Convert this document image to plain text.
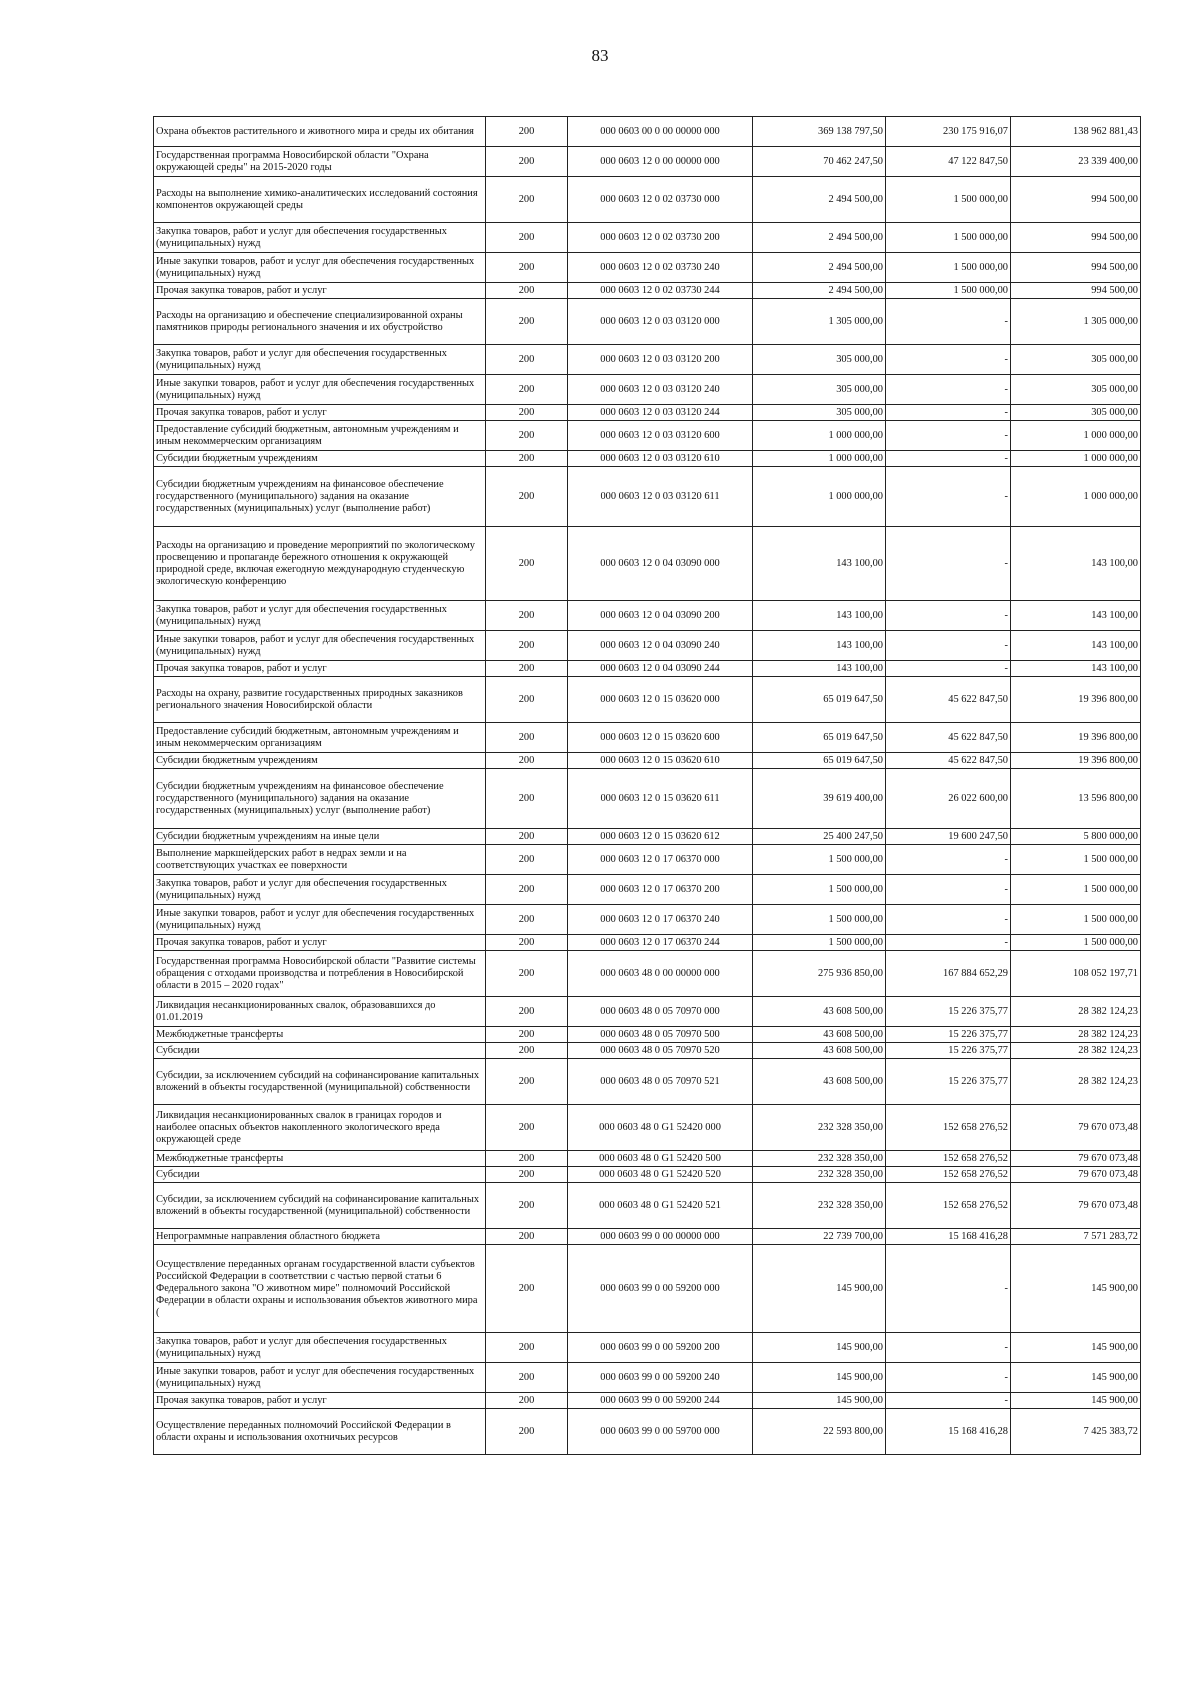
83
Охрана объектов растительного и животного мира и среды их обитания	200	000 0603 00 0 00 00000 000	369 138 797,50	230 175 916,07	138 962 881,43
Государственная программа Новосибирской области "Охрана окружающей среды" на 2015-2020 годы	200	000 0603 12 0 00 00000 000	70 462 247,50	47 122 847,50	23 339 400,00
Расходы на выполнение химико-аналитических исследований состояния компонентов окружающей среды	200	000 0603 12 0 02 03730 000	2 494 500,00	1 500 000,00	994 500,00
Закупка товаров, работ и услуг для обеспечения государственных (муниципальных) нужд	200	000 0603 12 0 02 03730 200	2 494 500,00	1 500 000,00	994 500,00
Иные закупки товаров, работ и услуг для обеспечения государственных (муниципальных) нужд	200	000 0603 12 0 02 03730 240	2 494 500,00	1 500 000,00	994 500,00
Прочая закупка товаров, работ и услуг	200	000 0603 12 0 02 03730 244	2 494 500,00	1 500 000,00	994 500,00
Расходы на организацию и обеспечение специализированной охраны памятников природы регионального значения и их обустройство	200	000 0603 12 0 03 03120 000	1 305 000,00	-	1 305 000,00
Закупка товаров, работ и услуг для обеспечения государственных (муниципальных) нужд	200	000 0603 12 0 03 03120 200	305 000,00	-	305 000,00
Иные закупки товаров, работ и услуг для обеспечения государственных (муниципальных) нужд	200	000 0603 12 0 03 03120 240	305 000,00	-	305 000,00
Прочая закупка товаров, работ и услуг	200	000 0603 12 0 03 03120 244	305 000,00	-	305 000,00
Предоставление субсидий бюджетным, автономным учреждениям и иным некоммерческим организациям	200	000 0603 12 0 03 03120 600	1 000 000,00	-	1 000 000,00
Субсидии бюджетным учреждениям	200	000 0603 12 0 03 03120 610	1 000 000,00	-	1 000 000,00
Субсидии бюджетным учреждениям на финансовое обеспечение государственного (муниципального) задания на оказание государственных (муниципальных) услуг (выполнение работ)	200	000 0603 12 0 03 03120 611	1 000 000,00	-	1 000 000,00
Расходы на организацию и проведение мероприятий по экологическому просвещению и пропаганде бережного отношения к окружающей природной среде, включая ежегодную международную студенческую экологическую конференцию	200	000 0603 12 0 04 03090 000	143 100,00	-	143 100,00
Закупка товаров, работ и услуг для обеспечения государственных (муниципальных) нужд	200	000 0603 12 0 04 03090 200	143 100,00	-	143 100,00
Иные закупки товаров, работ и услуг для обеспечения государственных (муниципальных) нужд	200	000 0603 12 0 04 03090 240	143 100,00	-	143 100,00
Прочая закупка товаров, работ и услуг	200	000 0603 12 0 04 03090 244	143 100,00	-	143 100,00
Расходы на охрану, развитие государственных природных заказников регионального значения Новосибирской области	200	000 0603 12 0 15 03620 000	65 019 647,50	45 622 847,50	19 396 800,00
Предоставление субсидий бюджетным, автономным учреждениям и иным некоммерческим организациям	200	000 0603 12 0 15 03620 600	65 019 647,50	45 622 847,50	19 396 800,00
Субсидии бюджетным учреждениям	200	000 0603 12 0 15 03620 610	65 019 647,50	45 622 847,50	19 396 800,00
Субсидии бюджетным учреждениям на финансовое обеспечение государственного (муниципального) задания на оказание государственных (муниципальных) услуг (выполнение работ)	200	000 0603 12 0 15 03620 611	39 619 400,00	26 022 600,00	13 596 800,00
Субсидии бюджетным учреждениям на иные цели	200	000 0603 12 0 15 03620 612	25 400 247,50	19 600 247,50	5 800 000,00
Выполнение маркшейдерских работ в недрах земли и на соответствующих участках ее поверхности	200	000 0603 12 0 17 06370 000	1 500 000,00	-	1 500 000,00
Закупка товаров, работ и услуг для обеспечения государственных (муниципальных) нужд	200	000 0603 12 0 17 06370 200	1 500 000,00	-	1 500 000,00
Иные закупки товаров, работ и услуг для обеспечения государственных (муниципальных) нужд	200	000 0603 12 0 17 06370 240	1 500 000,00	-	1 500 000,00
Прочая закупка товаров, работ и услуг	200	000 0603 12 0 17 06370 244	1 500 000,00	-	1 500 000,00
Государственная программа Новосибирской области "Развитие системы обращения с отходами производства и потребления в Новосибирской области в 2015 – 2020 годах"	200	000 0603 48 0 00 00000 000	275 936 850,00	167 884 652,29	108 052 197,71
Ликвидация несанкционированных свалок, образовавшихся до 01.01.2019	200	000 0603 48 0 05 70970 000	43 608 500,00	15 226 375,77	28 382 124,23
Межбюджетные трансферты	200	000 0603 48 0 05 70970 500	43 608 500,00	15 226 375,77	28 382 124,23
Субсидии	200	000 0603 48 0 05 70970 520	43 608 500,00	15 226 375,77	28 382 124,23
Субсидии, за исключением субсидий на софинансирование капитальных вложений в объекты государственной (муниципальной) собственности	200	000 0603 48 0 05 70970 521	43 608 500,00	15 226 375,77	28 382 124,23
Ликвидация несанкционированных свалок в границах городов и наиболее опасных объектов накопленного экологического вреда окружающей среде	200	000 0603 48 0 G1 52420 000	232 328 350,00	152 658 276,52	79 670 073,48
Межбюджетные трансферты	200	000 0603 48 0 G1 52420 500	232 328 350,00	152 658 276,52	79 670 073,48
Субсидии	200	000 0603 48 0 G1 52420 520	232 328 350,00	152 658 276,52	79 670 073,48
Субсидии, за исключением субсидий на софинансирование капитальных вложений в объекты государственной (муниципальной) собственности	200	000 0603 48 0 G1 52420 521	232 328 350,00	152 658 276,52	79 670 073,48
Непрограммные направления областного бюджета	200	000 0603 99 0 00 00000 000	22 739 700,00	15 168 416,28	7 571 283,72
Осуществление переданных органам государственной власти субъектов Российской Федерации в соответствии с частью первой статьи 6 Федерального закона "О животном мире" полномочий Российской Федерации в области охраны и использования объектов животного мира (	200	000 0603 99 0 00 59200 000	145 900,00	-	145 900,00
Закупка товаров, работ и услуг для обеспечения государственных (муниципальных) нужд	200	000 0603 99 0 00 59200 200	145 900,00	-	145 900,00
Иные закупки товаров, работ и услуг для обеспечения государственных (муниципальных) нужд	200	000 0603 99 0 00 59200 240	145 900,00	-	145 900,00
Прочая закупка товаров, работ и услуг	200	000 0603 99 0 00 59200 244	145 900,00	-	145 900,00
Осуществление переданных полномочий Российской Федерации в области охраны и использования охотничьих ресурсов	200	000 0603 99 0 00 59700 000	22 593 800,00	15 168 416,28	7 425 383,72
